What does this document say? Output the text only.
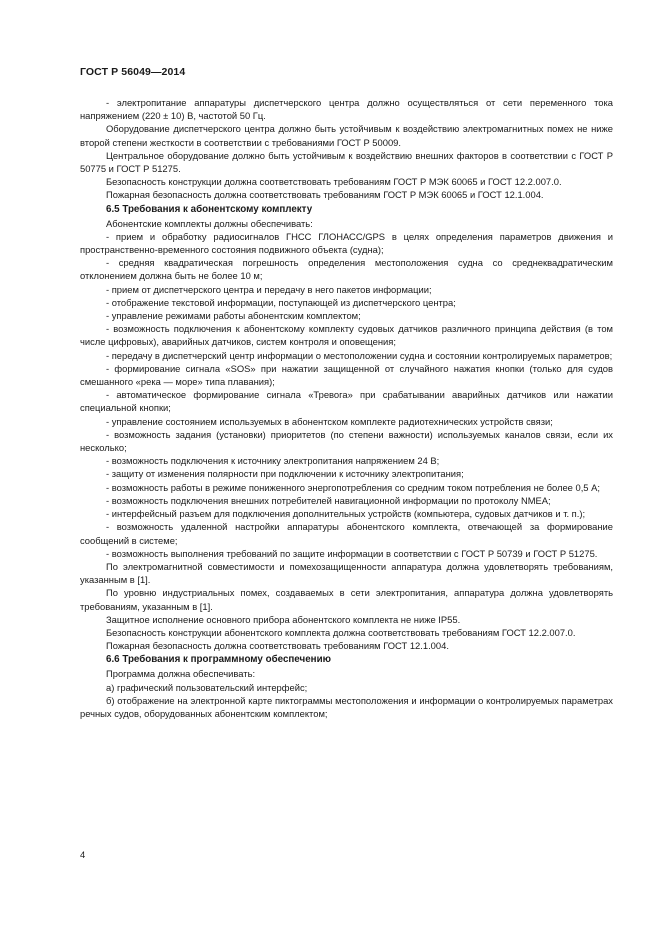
ГОСТ Р 56049—2014

- электропитание аппаратуры диспетчерского центра должно осуществляться от сети переменного тока напряжением (220 ± 10) В, частотой 50 Гц.

Оборудование диспетчерского центра должно быть устойчивым к воздействию электромагнитных помех не ниже второй степени жесткости в соответствии с требованиями ГОСТ Р 50009.

Центральное оборудование должно быть устойчивым к воздействию внешних факторов в соответствии с ГОСТ Р 50775 и ГОСТ Р 51275.

Безопасность конструкции должна соответствовать требованиям ГОСТ Р МЭК 60065 и ГОСТ 12.2.007.0.

Пожарная безопасность должна соответствовать требованиям ГОСТ Р МЭК 60065 и ГОСТ 12.1.004.

6.5 Требования к абонентскому комплекту

Абонентские комплекты должны обеспечивать:

- прием и обработку радиосигналов ГНСС ГЛОНАСС/GPS в целях определения параметров движения и пространственно-временного состояния подвижного объекта (судна);

- средняя квадратическая погрешность определения местоположения судна со среднеквадратическим отклонением должна быть не более 10 м;

- прием от диспетчерского центра и передачу в него пакетов информации;

- отображение текстовой информации, поступающей из диспетчерского центра;

- управление режимами работы абонентским комплектом;

- возможность подключения к абонентскому комплекту судовых датчиков различного принципа действия (в том числе цифровых), аварийных датчиков, систем контроля и оповещения;

- передачу в диспетчерский центр информации о местоположении судна и состоянии контролируемых параметров;

- формирование сигнала «SOS» при нажатии защищенной от случайного нажатия кнопки (только для судов смешанного «река — море» типа плавания);

- автоматическое формирование сигнала «Тревога» при срабатывании аварийных датчиков или нажатии специальной кнопки;

- управление состоянием используемых в абонентском комплекте радиотехнических устройств связи;

- возможность задания (установки) приоритетов (по степени важности) используемых каналов связи, если их несколько;

- возможность подключения к источнику электропитания напряжением 24 В;

- защиту от изменения полярности при подключении к источнику электропитания;

- возможность работы в режиме пониженного энергопотребления со средним током потребления не более 0,5 А;

- возможность подключения внешних потребителей навигационной информации по протоколу NMEA;

- интерфейсный разъем для подключения дополнительных устройств (компьютера, судовых датчиков и т. п.);

- возможность удаленной настройки аппаратуры абонентского комплекта, отвечающей за формирование сообщений в системе;

- возможность выполнения требований по защите информации в соответствии с ГОСТ Р 50739 и ГОСТ Р 51275.

По электромагнитной совместимости и помехозащищенности аппаратура должна удовлетворять требованиям, указанным в [1].

По уровню индустриальных помех, создаваемых в сети электропитания, аппаратура должна удовлетворять требованиям, указанным в [1].

Защитное исполнение основного прибора абонентского комплекта не ниже IP55.

Безопасность конструкции абонентского комплекта должна соответствовать требованиям ГОСТ 12.2.007.0.

Пожарная безопасность должна соответствовать требованиям ГОСТ 12.1.004.

6.6 Требования к программному обеспечению

Программа должна обеспечивать:

а) графический пользовательский интерфейс;

б) отображение на электронной карте пиктограммы местоположения и информации о контролируемых параметрах речных судов, оборудованных абонентским комплектом;

4
